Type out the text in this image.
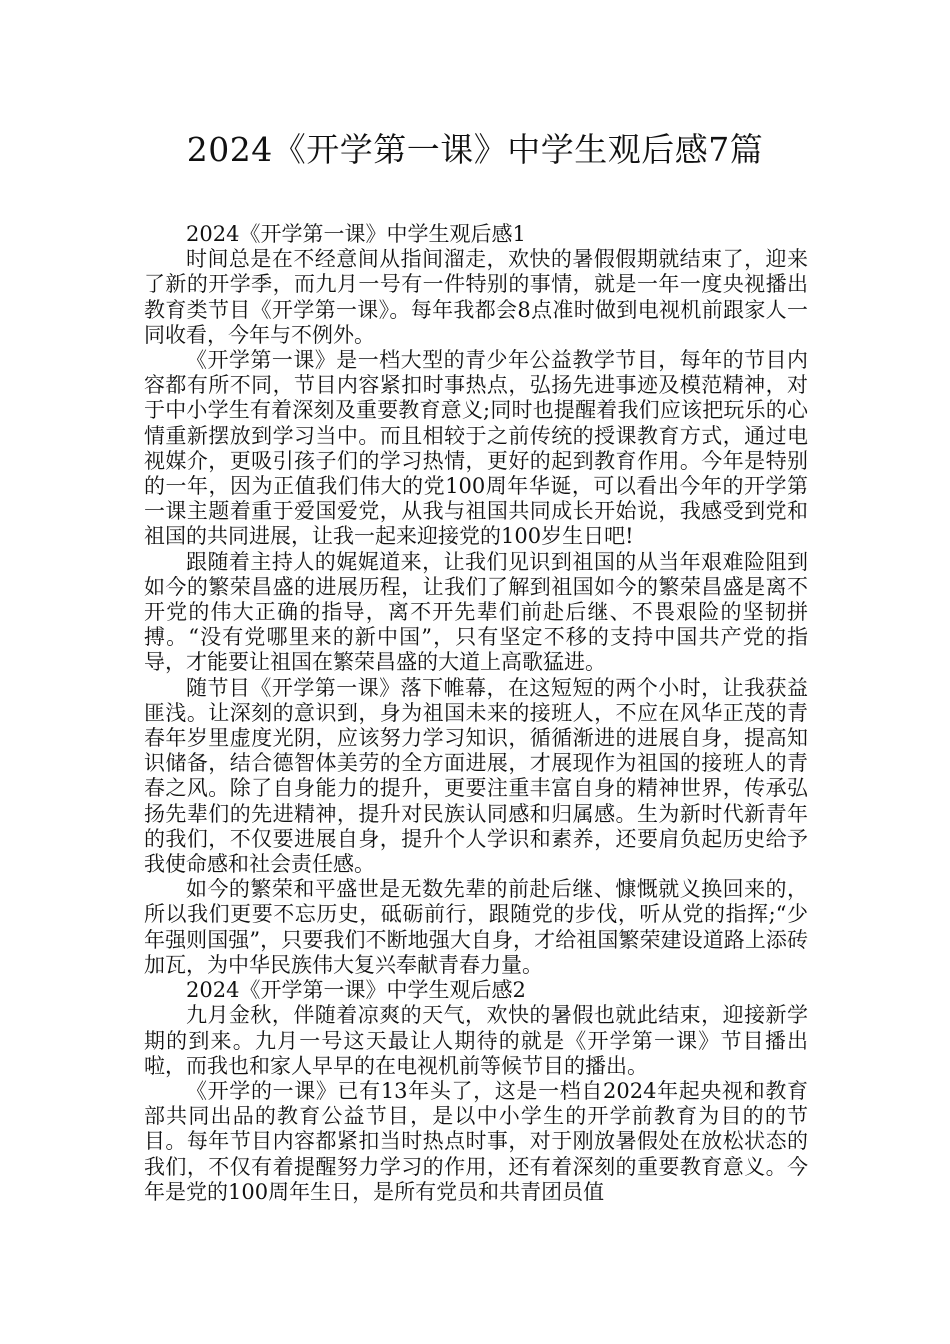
2024《开学第一课》中学生观后感7篇

2024《开学第一课》中学生观后感1

时间总是在不经意间从指间溜走，欢快的暑假假期就结束了，迎来了新的开学季，而九月一号有一件特别的事情，就是一年一度央视播出教育类节目《开学第一课》。每年我都会8点准时做到电视机前跟家人一同收看，今年与不例外。

《开学第一课》是一档大型的青少年公益教学节目，每年的节目内容都有所不同，节目内容紧扣时事热点，弘扬先进事迹及模范精神，对于中小学生有着深刻及重要教育意义;同时也提醒着我们应该把玩乐的心情重新摆放到学习当中。而且相较于之前传统的授课教育方式，通过电视媒介，更吸引孩子们的学习热情，更好的起到教育作用。今年是特别的一年，因为正值我们伟大的党100周年华诞，可以看出今年的开学第一课主题着重于爱国爱党，从我与祖国共同成长开始说，我感受到党和祖国的共同进展，让我一起来迎接党的100岁生日吧!

跟随着主持人的娓娓道来，让我们见识到祖国的从当年艰难险阻到如今的繁荣昌盛的进展历程，让我们了解到祖国如今的繁荣昌盛是离不开党的伟大正确的指导，离不开先辈们前赴后继、不畏艰险的坚韧拼搏。“没有党哪里来的新中国”，只有坚定不移的支持中国共产党的指导，才能要让祖国在繁荣昌盛的大道上高歌猛进。

随节目《开学第一课》落下帷幕，在这短短的两个小时，让我获益匪浅。让深刻的意识到，身为祖国未来的接班人，不应在风华正茂的青春年岁里虚度光阴，应该努力学习知识，循循渐进的进展自身，提高知识储备，结合德智体美劳的全方面进展，才展现作为祖国的接班人的青春之风。除了自身能力的提升，更要注重丰富自身的精神世界，传承弘扬先辈们的先进精神，提升对民族认同感和归属感。生为新时代新青年的我们，不仅要进展自身，提升个人学识和素养，还要肩负起历史给予我使命感和社会责任感。

如今的繁荣和平盛世是无数先辈的前赴后继、慷慨就义换回来的，所以我们更要不忘历史，砥砺前行，跟随党的步伐，听从党的指挥;“少年强则国强”，只要我们不断地强大自身，才给祖国繁荣建设道路上添砖加瓦，为中华民族伟大复兴奉献青春力量。

2024《开学第一课》中学生观后感2

九月金秋，伴随着凉爽的天气，欢快的暑假也就此结束，迎接新学期的到来。九月一号这天最让人期待的就是《开学第一课》节目播出啦，而我也和家人早早的在电视机前等候节目的播出。

《开学的一课》已有13年头了，这是一档自2024年起央视和教育部共同出品的教育公益节目，是以中小学生的开学前教育为目的的节目。每年节目内容都紧扣当时热点时事，对于刚放暑假处在放松状态的我们，不仅有着提醒努力学习的作用，还有着深刻的重要教育意义。今年是党的100周年生日，是所有党员和共青团员值
